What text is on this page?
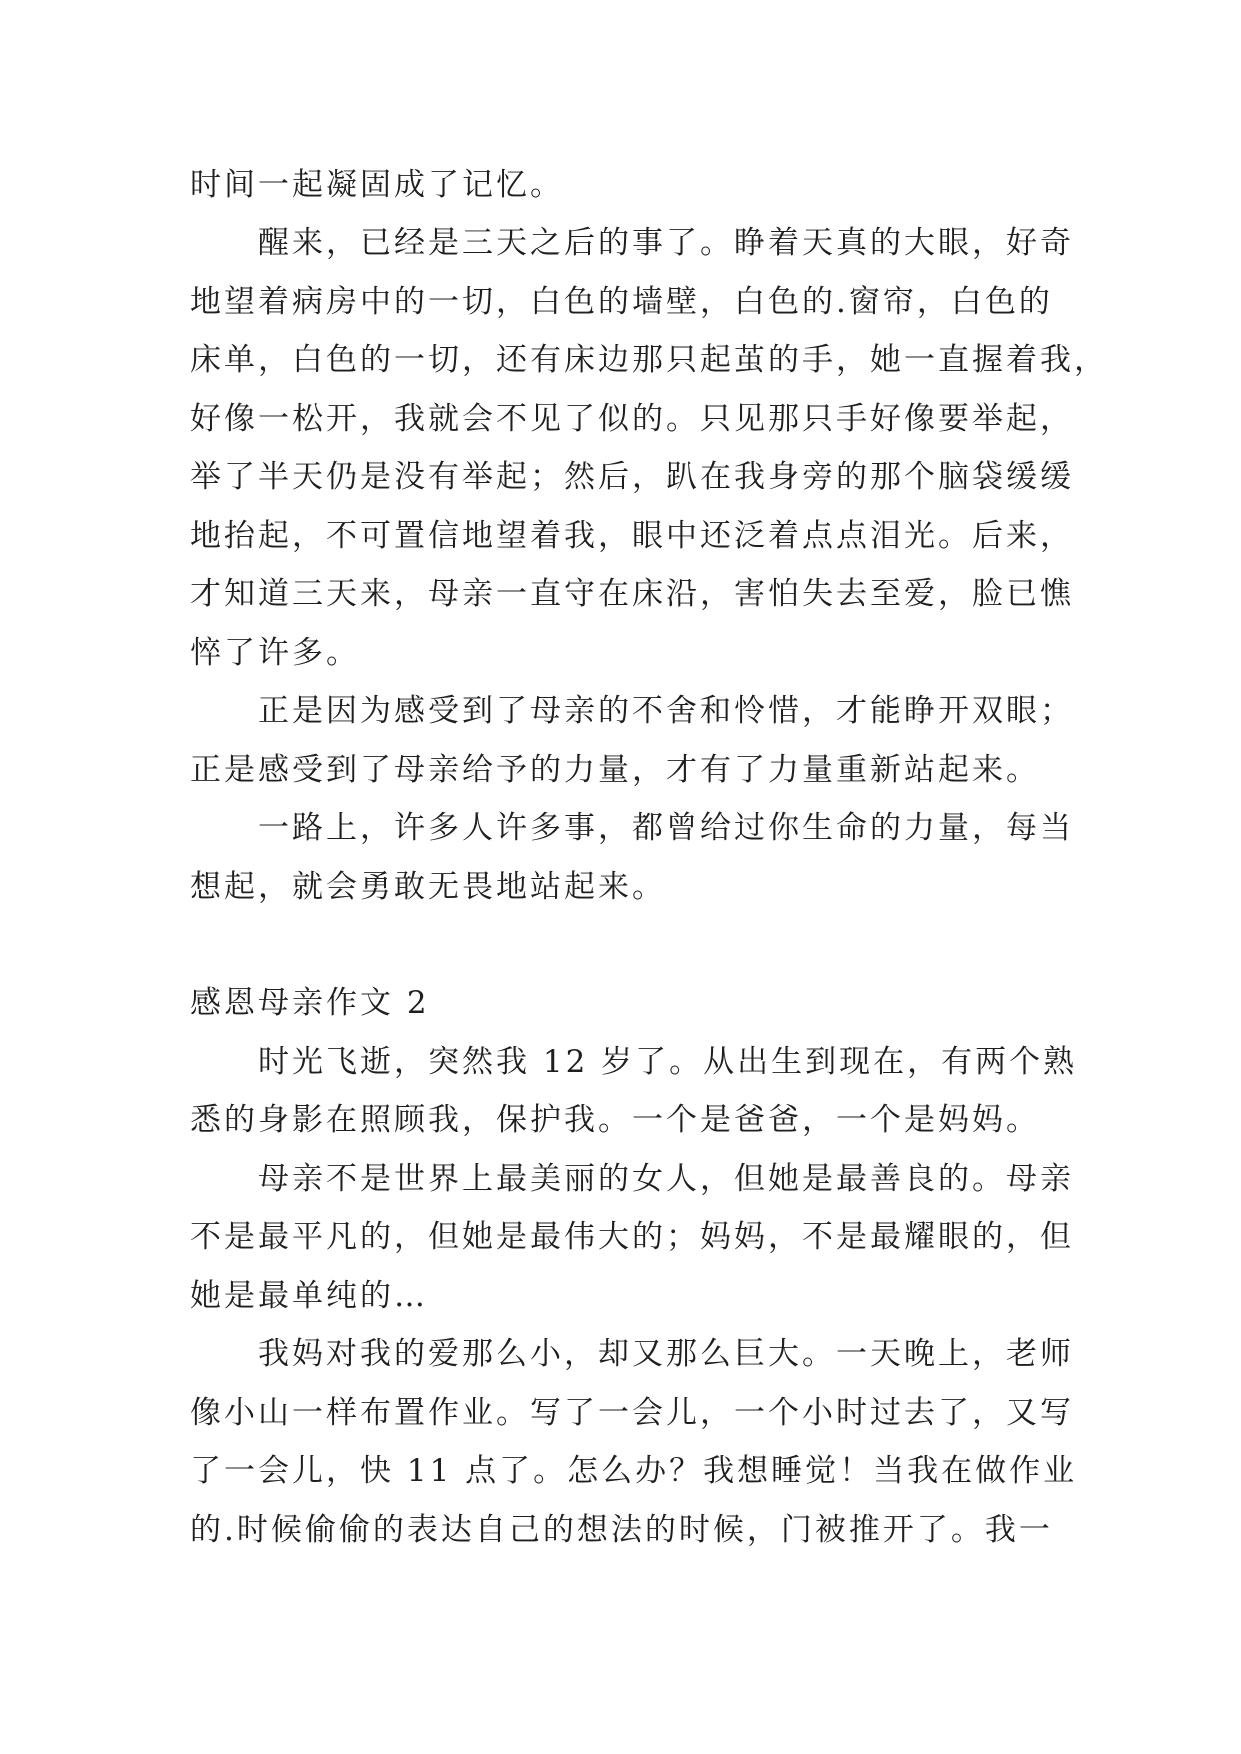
时间一起凝固成了记忆。

醒来，已经是三天之后的事了。睁着天真的大眼，好奇

地望着病房中的一切，白色的墙壁，白色的.窗帘，白色的

床单，白色的一切，还有床边那只起茧的手，她一直握着我，

好像一松开，我就会不见了似的。只见那只手好像要举起，

举了半天仍是没有举起；然后，趴在我身旁的那个脑袋缓缓

地抬起，不可置信地望着我，眼中还泛着点点泪光。后来，

才知道三天来，母亲一直守在床沿，害怕失去至爱，脸已憔

悴了许多。

正是因为感受到了母亲的不舍和怜惜，才能睁开双眼；

正是感受到了母亲给予的力量，才有了力量重新站起来。

一路上，许多人许多事，都曾给过你生命的力量，每当

想起，就会勇敢无畏地站起来。

感恩母亲作文 2

时光飞逝，突然我 12 岁了。从出生到现在，有两个熟

悉的身影在照顾我，保护我。一个是爸爸，一个是妈妈。

母亲不是世界上最美丽的女人，但她是最善良的。母亲

不是最平凡的，但她是最伟大的；妈妈，不是最耀眼的，但

她是最单纯的…

我妈对我的爱那么小，却又那么巨大。一天晚上，老师

像小山一样布置作业。写了一会儿，一个小时过去了，又写

了一会儿，快 11 点了。怎么办？我想睡觉！当我在做作业

的.时候偷偷的表达自己的想法的时候，门被推开了。我一
